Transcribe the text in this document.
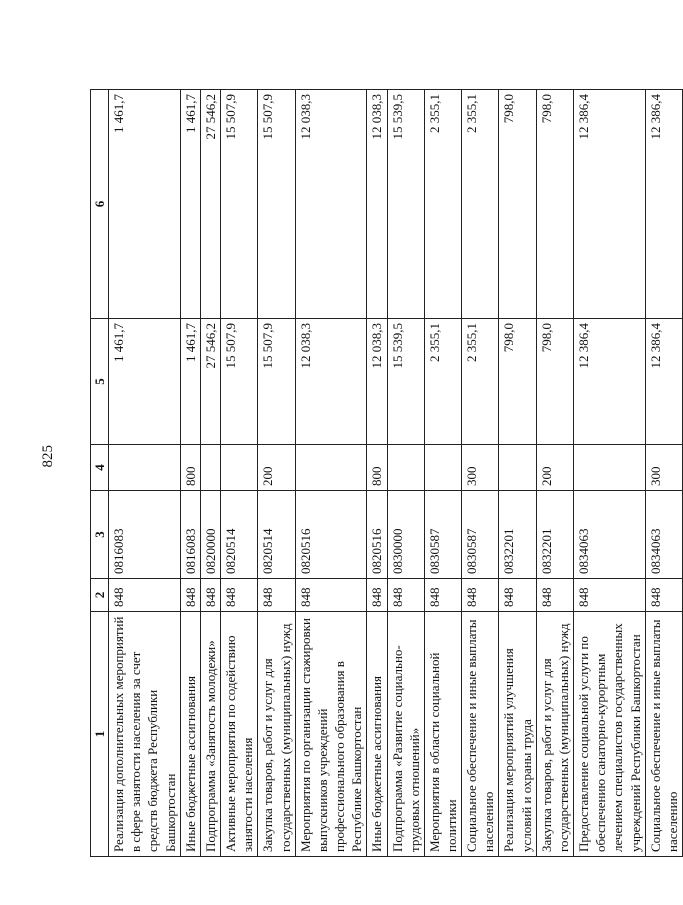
825
1	2	3	4	5	6
Реализация дополнительных мероприятий в сфере занятости населения за счет средств бюджета Республики Башкортостан	848	0816083		1 461,7	1 461,7
Иные бюджетные ассигнования	848	0816083	800	1 461,7	1 461,7
Подпрограмма «Занятость молодежи»	848	0820000		27 546,2	27 546,2
Активные мероприятия по содействию занятости населения	848	0820514		15 507,9	15 507,9
Закупка товаров, работ и услуг для государственных (муниципальных) нужд	848	0820514	200	15 507,9	15 507,9
Мероприятия по организации стажировки выпускников учреждений профессионального образования в Республике Башкортостан	848	0820516		12 038,3	12 038,3
Иные бюджетные ассигнования	848	0820516	800	12 038,3	12 038,3
Подпрограмма «Развитие социально-трудовых отношений»	848	0830000		15 539,5	15 539,5
Мероприятия в области социальной политики	848	0830587		2 355,1	2 355,1
Социальное обеспечение и иные выплаты населению	848	0830587	300	2 355,1	2 355,1
Реализация мероприятий улучшения условий и охраны труда	848	0832201		798,0	798,0
Закупка товаров, работ и услуг для государственных (муниципальных) нужд	848	0832201	200	798,0	798,0
Предоставление социальной услуги по обеспечению санаторно-курортным лечением специалистов государственных учреждений Республики Башкортостан	848	0834063		12 386,4	12 386,4
Социальное обеспечение и иные выплаты населению	848	0834063	300	12 386,4	12 386,4
